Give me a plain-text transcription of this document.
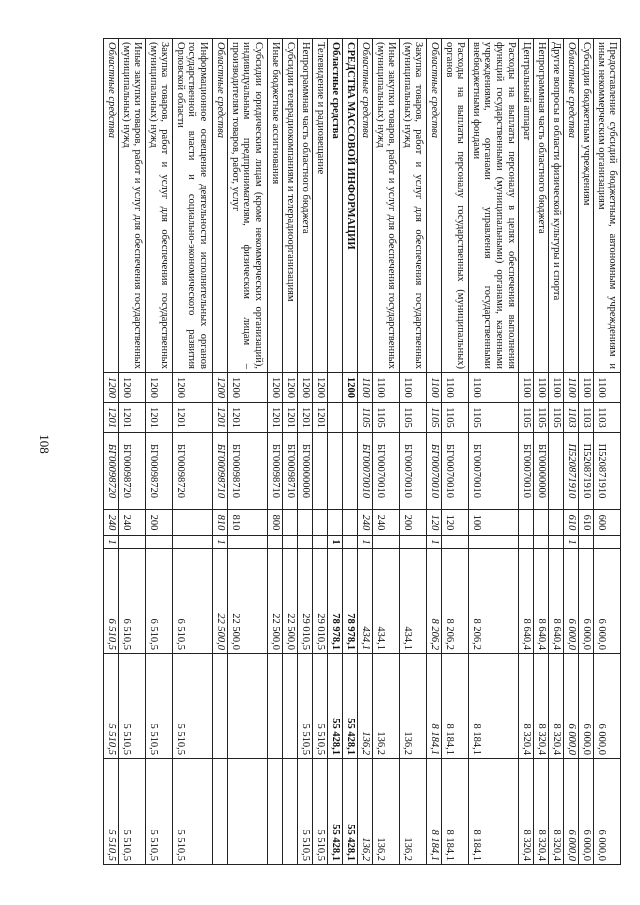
108
Предоставление субсидий бюджетным, автономным учреждениям и иным некоммерческим организациям	1100	1103	П520871910	600		6 000,0	6 000,0	6 000,0
Субсидии бюджетным учреждениям	1100	1103	П520871910	610		6 000,0	6 000,0	6 000,0
Областные средства	1100	1103	П520871910	610	1	6 000,0	6 000,0	6 000,0
Другие вопросы в области физической культуры и спорта	1100	1105				8 640,4	8 320,4	8 320,4
Непрограммная часть областного бюджета	1100	1105	БГ00000000			8 640,4	8 320,4	8 320,4
Центральный аппарат	1100	1105	БГ00070010			8 640,4	8 320,4	8 320,4
Расходы на выплаты персоналу в целях обеспечения выполнения функций государственными (муниципальными) органами, казенными учреждениями, органами управления государственными внебюджетными фондами	1100	1105	БГ00070010	100		8 206,2	8 184,1	8 184,1
Расходы на выплаты персоналу государственных (муниципальных) органов	1100	1105	БГ00070010	120		8 206,2	8 184,1	8 184,1
Областные средства	1100	1105	БГ00070010	120	1	8 206,2	8 184,1	8 184,1
Закупка товаров, работ и услуг для обеспечения государственных (муниципальных) нужд	1100	1105	БГ00070010	200		434,1	136,2	136,2
Иные закупки товаров, работ и услуг для обеспечения государственных (муниципальных) нужд	1100	1105	БГ00070010	240		434,1	136,2	136,2
Областные средства	1100	1105	БГ00070010	240	1	434,1	136,2	136,2
СРЕДСТВА МАССОВОЙ ИНФОРМАЦИИ	1200					78 978,1	55 428,1	55 428,1
Областные средства					1	78 978,1	55 428,1	55 428,1
Телевидение и радиовещание	1200	1201				29 010,5	5 510,5	5 510,5
Непрограммная часть областного бюджета	1200	1201	БГ00000000			29 010,5	5 510,5	5 510,5
Субсидии телерадиокомпаниям и телерадиоорганизациям	1200	1201	БГ00098710			22 500,0		
Иные бюджетные ассигнования	1200	1201	БГ00098710	800		22 500,0		
Субсидии юридическим лицам (кроме некоммерческих организаций), индивидуальным предпринимателям, физическим лицам – производителям товаров, работ, услуг	1200	1201	БГ00098710	810		22 500,0		
Областные средства	1200	1201	БГ00098710	810	1	22 500,0		
Информационное освещение деятельности исполнительных органов государственной власти и социально-экономического развития Орловской области	1200	1201	БГ00098720			6 510,5	5 510,5	5 510,5
Закупка товаров, работ и услуг для обеспечения государственных (муниципальных) нужд	1200	1201	БГ00098720	200		6 510,5	5 510,5	5 510,5
Иные закупки товаров, работ и услуг для обеспечения государственных (муниципальных) нужд	1200	1201	БГ00098720	240		6 510,5	5 510,5	5 510,5
Областные средства	1200	1201	БГ00098720	240	1	6 510,5	5 510,5	5 510,5
